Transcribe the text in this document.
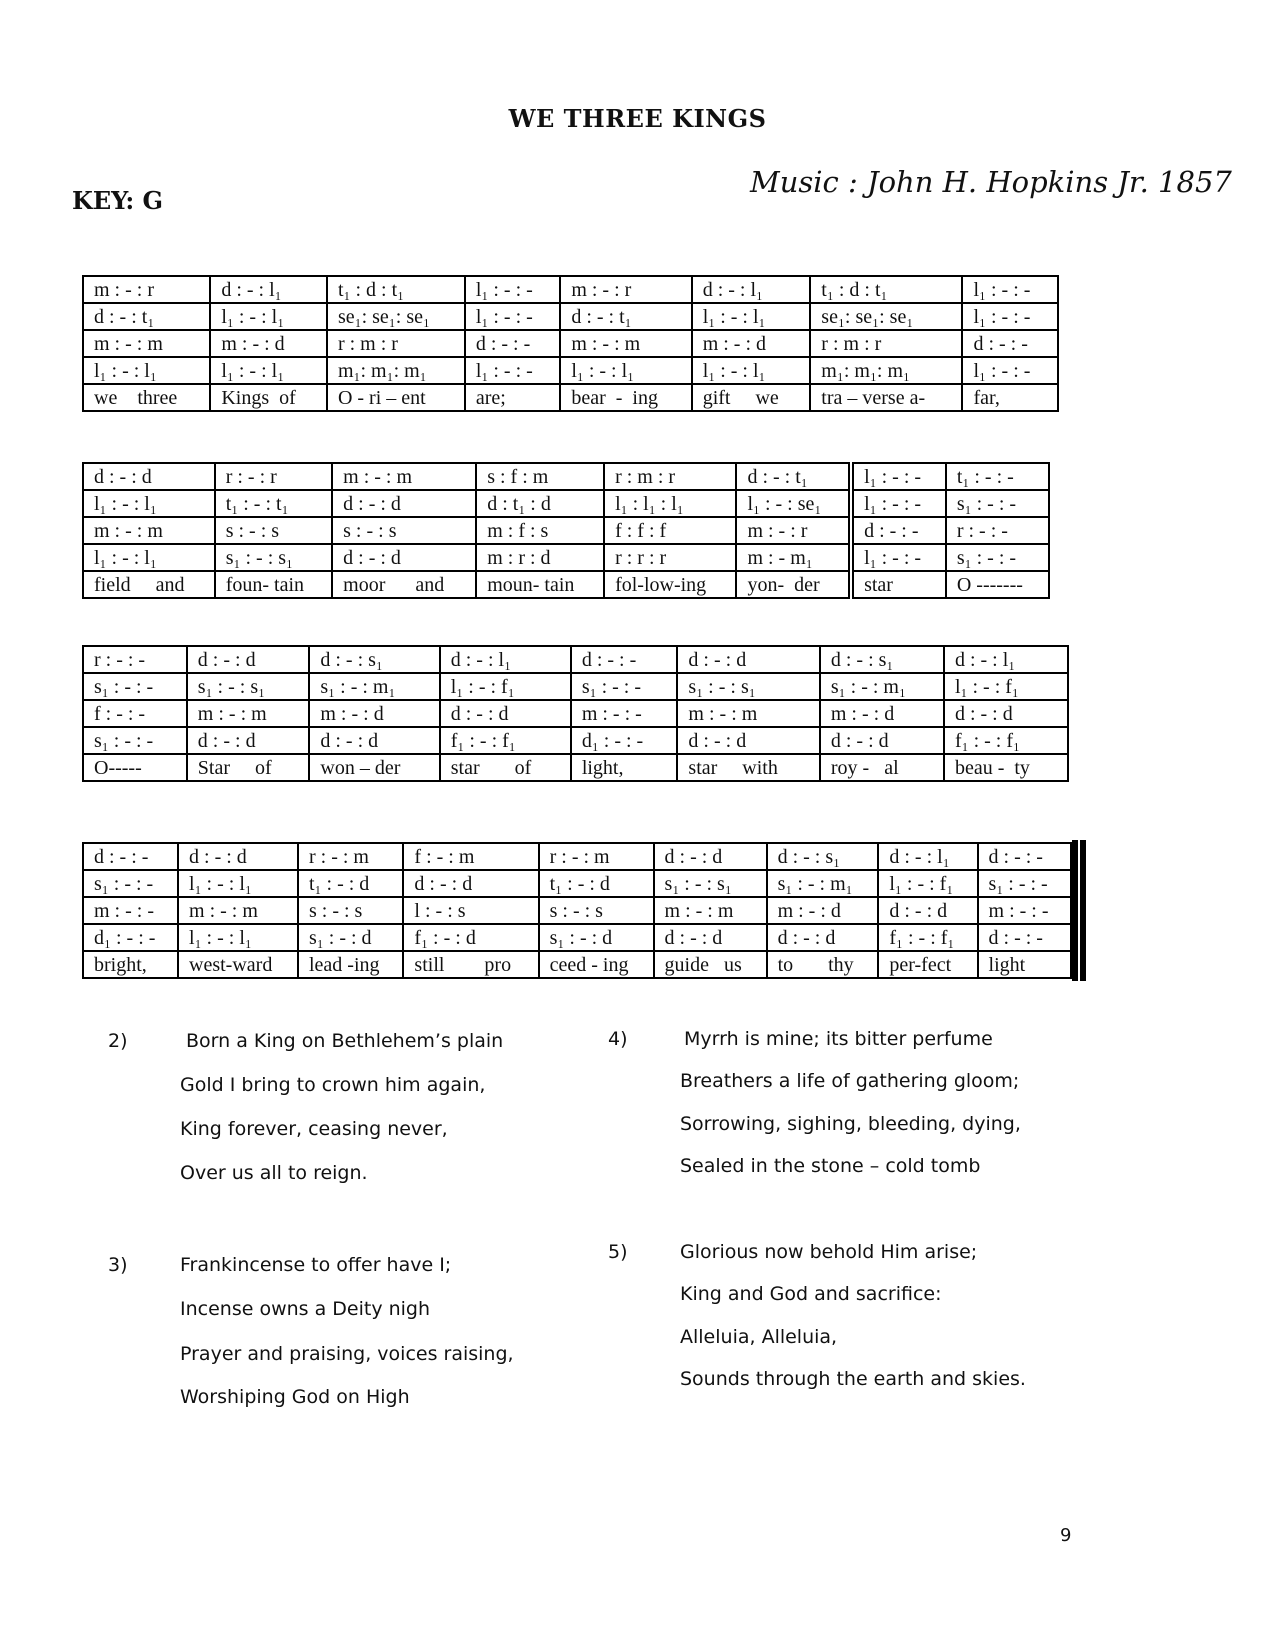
WE THREE KINGS
KEY: G
Music : John H. Hopkins Jr. 1857
m : - : r	d : - : l₁	t₁ : d : t₁	l₁ : - : -	m : - : r	d : - : l₁	t₁ : d : t₁	l₁ : - : -
d : - : t₁	l₁ : - : l₁	se₁: se₁: se₁	l₁ : - : -	d : - : t₁	l₁ : - : l₁	se₁: se₁: se₁	l₁ : - : -
m : - : m	m : - : d	r : m : r	d : - : -	m : - : m	m : - : d	r : m : r	d : - : -
l₁ : - : l₁	l₁ : - : l₁	m₁: m₁: m₁	l₁ : - : -	l₁ : - : l₁	l₁ : - : l₁	m₁: m₁: m₁	l₁ : - : -
we    three	Kings  of	O - ri – ent	are;	bear  -  ing	gift     we	tra – verse a-	far,
d : - : d	r : - : r	m : - : m	s : f : m	r : m : r	d : - : t₁	l₁ : - : -	t₁ : - : -
l₁ : - : l₁	t₁ : - : t₁	d : - : d	d : t₁ : d	l₁ : l₁ : l₁	l₁ : - : se₁	l₁ : - : -	s₁ : - : -
m : - : m	s : - : s	s : - : s	m : f : s	f : f : f	m : - : r	d : - : -	r : - : -
l₁ : - : l₁	s₁ : - : s₁	d : - : d	m : r : d	r : r : r	m : - m₁	l₁ : - : -	s₁ : - : -
field     and	foun- tain	moor      and	moun- tain	fol-low-ing	yon-  der	star	O -------
r : - : -	d : - : d	d : - : s₁	d : - : l₁	d : - : -	d : - : d	d : - : s₁	d : - : l₁
s₁ : - : -	s₁ : - : s₁	s₁ : - : m₁	l₁ : - : f₁	s₁ : - : -	s₁ : - : s₁	s₁ : - : m₁	l₁ : - : f₁
f : - : -	m : - : m	m : - : d	d : - : d	m : - : -	m : - : m	m : - : d	d : - : d
s₁ : - : -	d : - : d	d : - : d	f₁ : - : f₁	d₁ : - : -	d : - : d	d : - : d	f₁ : - : f₁
O-----	Star     of	won – der	star       of	light,	star     with	roy -   al	beau -  ty
d : - : -	d : - : d	r : - : m	f : - : m	r : - : m	d : - : d	d : - : s₁	d : - : l₁	d : - : -
s₁ : - : -	l₁ : - : l₁	t₁ : - : d	d : - : d	t₁ : - : d	s₁ : - : s₁	s₁ : - : m₁	l₁ : - : f₁	s₁ : - : -
m : - : -	m : - : m	s : - : s	l : - : s	s : - : s	m : - : m	m : - : d	d : - : d	m : - : -
d₁ : - : -	l₁ : - : l₁	s₁ : - : d	f₁ : - : d	s₁ : - : d	d : - : d	d : - : d	f₁ : - : f₁	d : - : -
bright,	west-ward	lead -ing	still        pro	ceed - ing	guide   us	to       thy	per-fect	light
2)	Born a King on Bethlehem’s plain
Gold I bring to crown him again,
King forever, ceasing never,
Over us all to reign.
3)	Frankincense to offer have I;
Incense owns a Deity nigh
Prayer and praising, voices raising,
Worshiping God on High
4)	Myrrh is mine; its bitter perfume
Breathers a life of gathering gloom;
Sorrowing, sighing, bleeding, dying,
Sealed in the stone – cold tomb
5)	Glorious now behold Him arise;
King and God and sacrifice:
Alleluia, Alleluia,
Sounds through the earth and skies.
9
